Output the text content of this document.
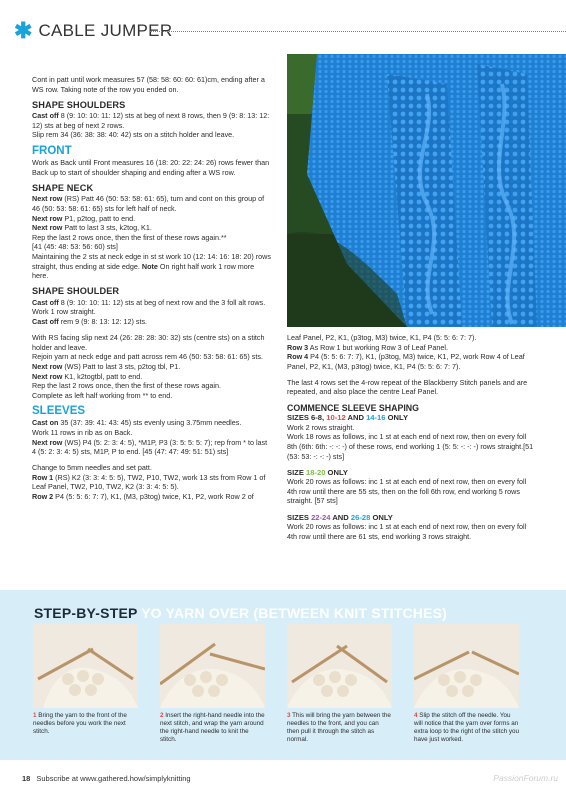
✱ CABLE JUMPER
Cont in patt until work measures 57 (58: 58: 60: 60: 61)cm, ending after a WS row. Taking note of the row you ended on.
SHAPE SHOULDERS
Cast off 8 (9: 10: 10: 11: 12) sts at beg of next 8 rows, then 9 (9: 8: 13: 12: 12) sts at beg of next 2 rows.
Slip rem 34 (36: 38: 38: 40: 42) sts on a stitch holder and leave.
FRONT
Work as Back until Front measures 16 (18: 20: 22: 24: 26) rows fewer than Back up to start of shoulder shaping and ending after a WS row.
SHAPE NECK
Next row (RS) Patt 46 (50: 53: 58: 61: 65), turn and cont on this group of 46 (50: 53: 58: 61: 65) sts for left half of neck.
Next row P1, p2tog, patt to end.
Next row Patt to last 3 sts, k2tog, K1.
Rep the last 2 rows once, then the first of these rows again.**
[41 (45: 48: 53: 56: 60) sts]
Maintaining the 2 sts at neck edge in st st work 10 (12: 14: 16: 18: 20) rows straight, thus ending at side edge. Note On right half work 1 row more here.
SHAPE SHOULDER
Cast off 8 (9: 10: 10: 11: 12) sts at beg of next row and the 3 foll alt rows.
Work 1 row straight.
Cast off rem 9 (9: 8: 13: 12: 12) sts.
With RS facing slip next 24 (26: 28: 28: 30: 32) sts (centre sts) on a stitch holder and leave.
Rejoin yarn at neck edge and patt across rem 46 (50: 53: 58: 61: 65) sts.
Next row (WS) Patt to last 3 sts, p2tog tbl, P1.
Next row K1, k2togtbl, patt to end.
Rep the last 2 rows once, then the first of these rows again.
Complete as left half working from ** to end.
SLEEVES
Cast on 35 (37: 39: 41: 43: 45) sts evenly using 3.75mm needles.
Work 11 rows in rib as on Back.
Next row (WS) P4 (5: 2: 3: 4: 5), *M1P, P3 (3: 5: 5: 5: 7); rep from * to last 4 (5: 2: 3: 4: 5) sts, M1P, P to end. [45 (47: 47: 49: 51: 51) sts]
Change to 5mm needles and set patt.
Row 1 (RS) K2 (3: 3: 4: 5: 5), TW2, P10, TW2, work 13 sts from Row 1 of Leaf Panel, TW2, P10, TW2, K2 (3: 3: 4: 5: 5).
Row 2 P4 (5: 5: 6: 7: 7), K1, (M3, p3tog) twice, K1, P2, work Row 2 of
Leaf Panel, P2, K1, (p3tog, M3) twice, K1, P4 (5: 5: 6: 7: 7).
Row 3 As Row 1 but working Row 3 of Leaf Panel.
Row 4 P4 (5: 5: 6: 7: 7), K1, (p3tog, M3) twice, K1, P2, work Row 4 of Leaf Panel, P2, K1, (M3, p3tog) twice, K1, P4 (5: 5: 6: 7: 7).
The last 4 rows set the 4-row repeat of the Blackberry Stitch panels and are repeated, and also place the centre Leaf Panel.
COMMENCE SLEEVE SHAPING
SIZES 6-8, 10-12 AND 14-16 ONLY
Work 2 rows straight.
Work 18 rows as follows, inc 1 st at each end of next row, then on every foll 8th (6th: 6th: -: -: -) of these rows, end working 1 (5: 5: -: -: -) rows straight.[51 (53: 53: -: -: -) sts]
SIZE 18-20 ONLY
Work 20 rows as follows: inc 1 st at each end of next row, then on every foll 4th row until there are 55 sts, then on the foll 6th row, end working 5 rows straight. [57 sts]
SIZES 22-24 AND 26-28 ONLY
Work 20 rows as follows: inc 1 st at each end of next row, then on every foll 4th row until there are 61 sts, end working 3 rows straight.
STEP-BY-STEP YO YARN OVER (BETWEEN KNIT STITCHES)
1 Bring the yarn to the front of the needles before you work the next stitch.
2 Insert the right-hand needle into the next stitch, and wrap the yarn around the right-hand needle to knit the stitch.
3 This will bring the yarn between the needles to the front, and you can then pull it through the stitch as normal.
4 Slip the stitch off the needle. You will notice that the yarn over forms an extra loop to the right of the stitch you have just worked.
18 Subscribe at www.gathered.how/simplyknitting	PassionForum.ru
